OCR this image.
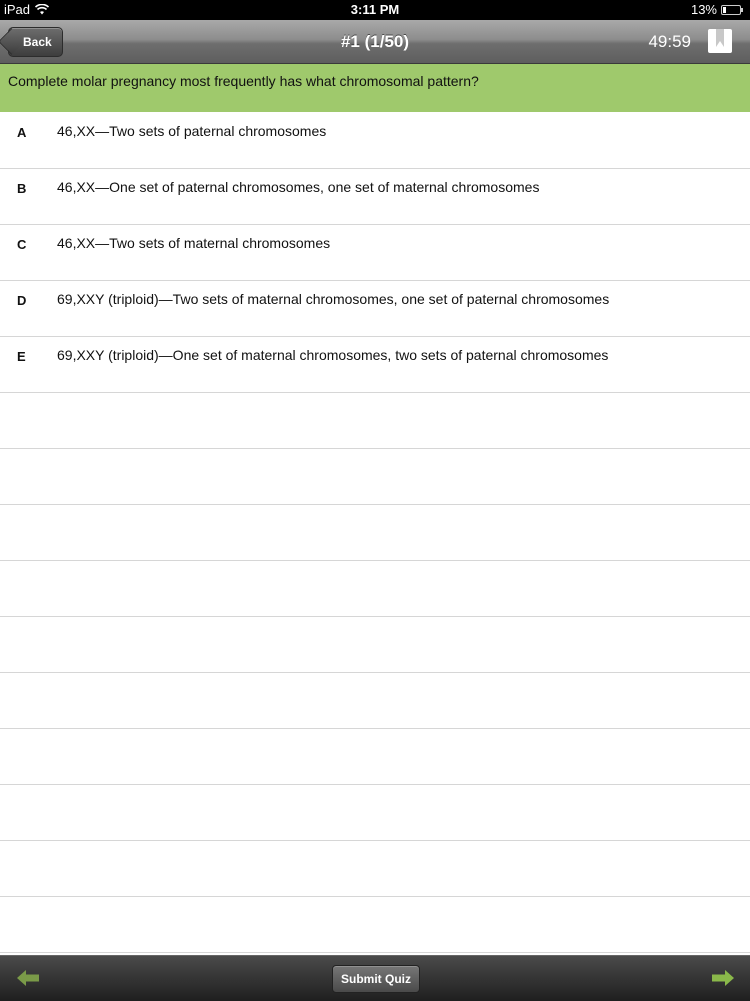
iPad	3:11 PM	13%
#1 (1/50)
Back	49:59
Complete molar pregnancy most frequently has what chromosomal pattern?
A 46,XX—Two sets of paternal chromosomes
B 46,XX—One set of paternal chromosomes, one set of maternal chromosomes
C 46,XX—Two sets of maternal chromosomes
D 69,XXY (triploid)—Two sets of maternal chromosomes, one set of paternal chromosomes
E 69,XXY (triploid)—One set of maternal chromosomes, two sets of paternal chromosomes
Submit Quiz
